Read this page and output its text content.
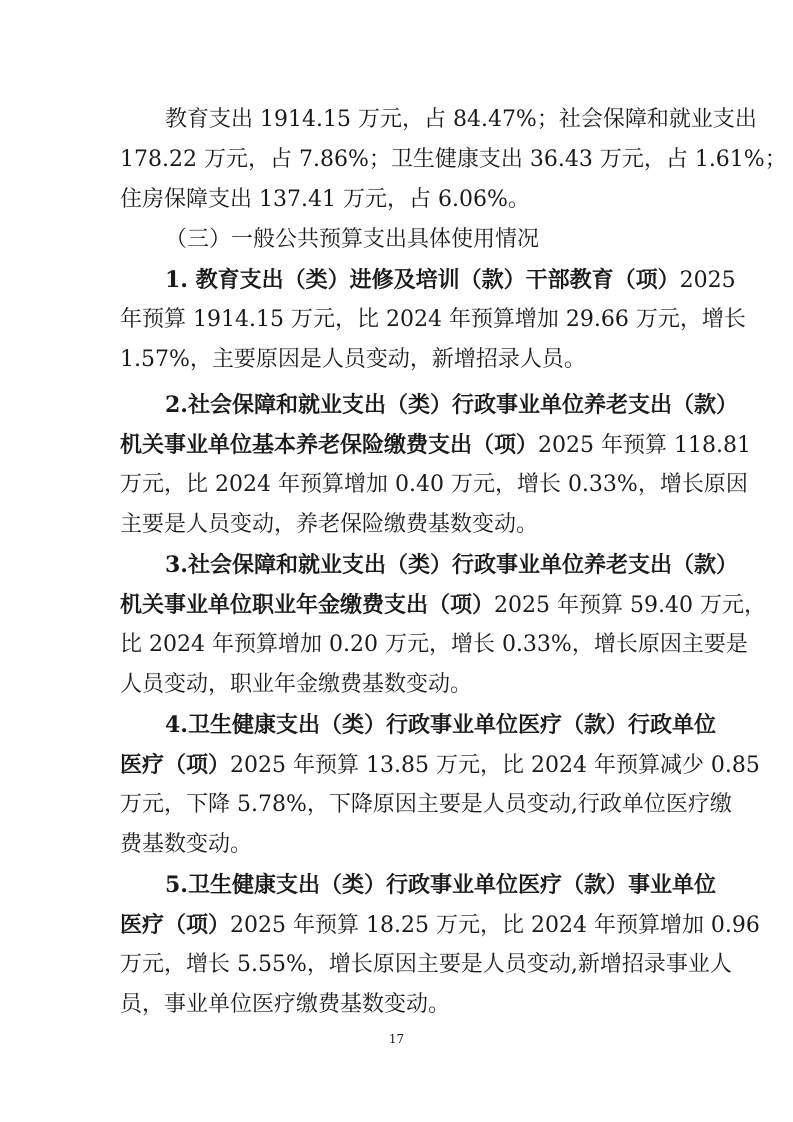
教育支出 1914.15 万元，占 84.47%；社会保障和就业支出
178.22 万元，占 7.86%；卫生健康支出 36.43 万元，占 1.61%；
住房保障支出 137.41 万元，占 6.06%。
（三）一般公共预算支出具体使用情况
1. 教育支出（类）进修及培训（款）干部教育（项）2025
年预算 1914.15 万元，比 2024 年预算增加 29.66 万元，增长
1.57%，主要原因是人员变动，新增招录人员。
2.社会保障和就业支出（类）行政事业单位养老支出（款）
机关事业单位基本养老保险缴费支出（项）2025 年预算 118.81
万元，比 2024 年预算增加 0.40 万元，增长 0.33%，增长原因
主要是人员变动，养老保险缴费基数变动。
3.社会保障和就业支出（类）行政事业单位养老支出（款）
机关事业单位职业年金缴费支出（项）2025 年预算 59.40 万元，
比 2024 年预算增加 0.20 万元，增长 0.33%，增长原因主要是
人员变动，职业年金缴费基数变动。
4.卫生健康支出（类）行政事业单位医疗（款）行政单位
医疗（项）2025 年预算 13.85 万元，比 2024 年预算减少 0.85
万元，下降 5.78%，下降原因主要是人员变动,行政单位医疗缴
费基数变动。
5.卫生健康支出（类）行政事业单位医疗（款）事业单位
医疗（项）2025 年预算 18.25 万元，比 2024 年预算增加 0.96
万元，增长 5.55%，增长原因主要是人员变动,新增招录事业人
员，事业单位医疗缴费基数变动。
17
